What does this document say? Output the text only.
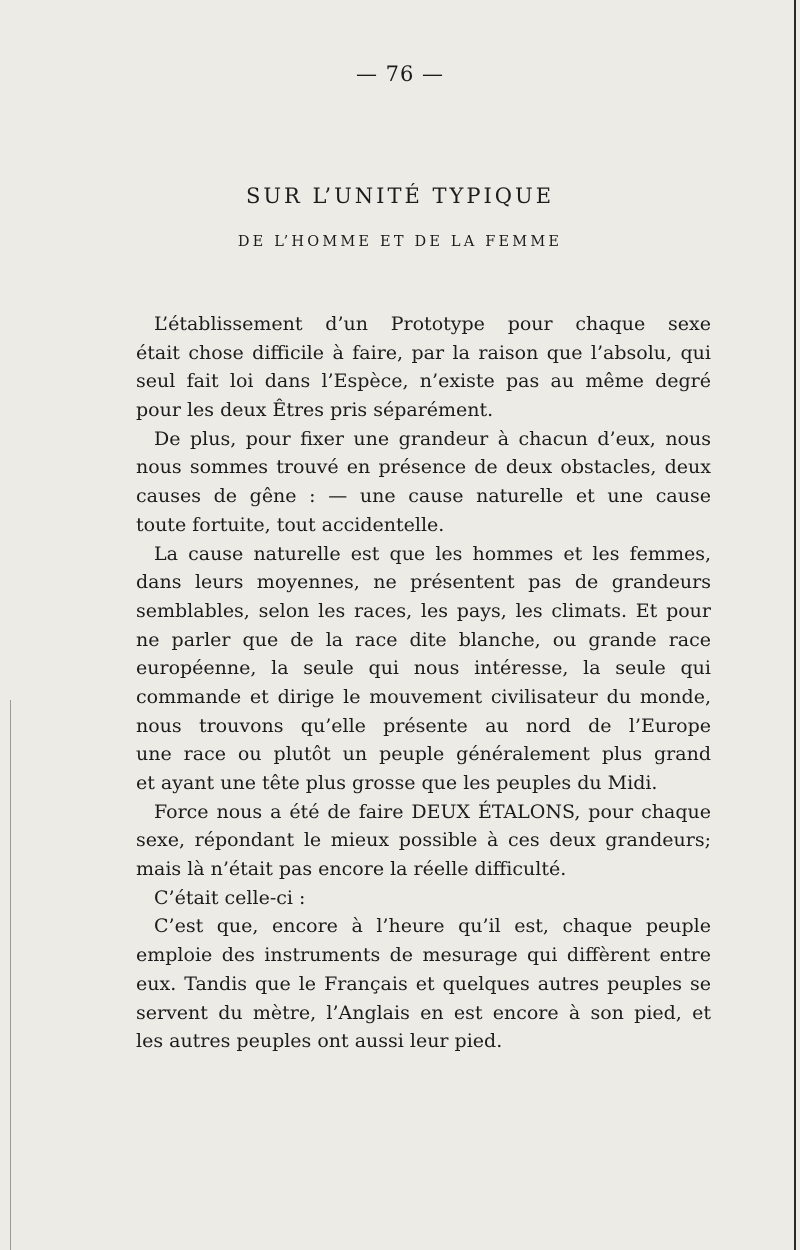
— 76 —
SUR L’UNITÉ TYPIQUE
DE L’HOMME ET DE LA FEMME
L’établissement d’un Prototype pour chaque sexe
était chose difficile à faire, par la raison que l’absolu, qui
seul fait loi dans l’Espèce, n’existe pas au même degré
pour les deux Êtres pris séparément.
De plus, pour fixer une grandeur à chacun d’eux, nous
nous sommes trouvé en présence de deux obstacles, deux
causes de gêne : — une cause naturelle et une cause
toute fortuite, tout accidentelle.
La cause naturelle est que les hommes et les femmes,
dans leurs moyennes, ne présentent pas de grandeurs
semblables, selon les races, les pays, les climats. Et pour
ne parler que de la race dite blanche, ou grande race
européenne, la seule qui nous intéresse, la seule qui
commande et dirige le mouvement civilisateur du monde,
nous trouvons qu’elle présente au nord de l’Europe
une race ou plutôt un peuple généralement plus grand
et ayant une tête plus grosse que les peuples du Midi.
Force nous a été de faire DEUX ÉTALONS, pour chaque
sexe, répondant le mieux possible à ces deux grandeurs;
mais là n’était pas encore la réelle difficulté.
C’était celle-ci :
C’est que, encore à l’heure qu’il est, chaque peuple
emploie des instruments de mesurage qui diffèrent entre
eux. Tandis que le Français et quelques autres peuples se
servent du mètre, l’Anglais en est encore à son pied, et
les autres peuples ont aussi leur pied.
